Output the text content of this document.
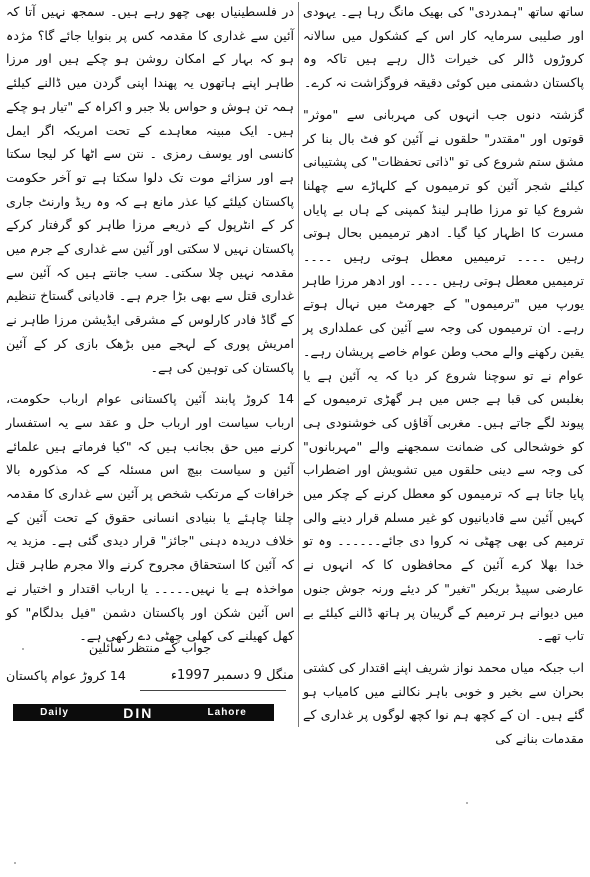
ساتھ ساتھ "ہمدردی" کی بھیک مانگ رہا ہے۔ یہودی اور صلیبی سرمایہ کار اس کے کشکول میں سالانہ کروڑوں ڈالر کی خیرات ڈال رہے ہیں تاکہ وہ پاکستان دشمنی میں کوئی دقیقہ فروگزاشت نہ کرے۔

گزشتہ دنوں جب انہوں کی مہربانی سے "موثر" قوتوں اور "مقتدر" حلقوں نے آئین کو فٹ بال بنا کر مشق ستم شروع کی تو "ذاتی تحفظات" کی پشتیبانی کیلئے شجر آئین کو ترمیموں کے کلہاڑے سے چھلنا شروع کیا تو مرزا طاہر لینڈ کمپنی کے ہاں بے پایاں مسرت کا اظہار کیا گیا۔ ادھر ترمیمیں بحال ہوتی رہیں ۔۔۔۔ ترمیمیں معطل ہوتی رہیں ۔۔۔۔ ترمیمیں معطل ہوتی رہیں ۔۔۔۔ اور ادھر مرزا طاہر یورپ میں "ترمیموں" کے جھرمٹ میں نہال ہوتے رہے۔ ان ترمیموں کی وجہ سے آئین کی عملداری پر یقین رکھنے والے محب وطن عوام خاصے پریشان رہے۔ عوام نے تو سوچنا شروع کر دیا کہ یہ آئین ہے یا بغلبس کی قبا ہے جس میں ہر گھڑی ترمیموں کے پیوند لگے جاتے ہیں۔ مغربی آقاؤں کی خوشنودی ہی کو خوشحالی کی ضمانت سمجھنے والے "مہربانوں" کی وجہ سے دینی حلقوں میں تشویش اور اضطراب پایا جاتا ہے کہ ترمیموں کو معطل کرنے کے چکر میں کہیں آئین سے قادیانیوں کو غیر مسلم قرار دینے والی ترمیم کی بھی چھٹی نہ کروا دی جائے۔۔۔۔۔۔ وہ تو خدا بھلا کرے آئین کے محافظوں کا کہ انہوں نے عارضی سپیڈ بریکر "تغیر" کر دیئے ورنہ جوش جنوں میں دیوانے ہر ترمیم کے گریبان پر ہاتھ ڈالنے کیلئے بے تاب تھے۔

اب جبکہ میاں محمد نواز شریف اپنے اقتدار کی کشتی بحران سے بخیر و خوبی باہر نکالنے میں کامیاب ہو گئے ہیں۔ ان کے کچھ ہم نوا کچھ لوگوں پر غداری کے مقدمات بنانے کی

در فلسطینیاں بھی چھو رہے ہیں۔ سمجھ نہیں آتا کہ آئین سے غداری کا مقدمہ کس پر بنوایا جائے گا؟ مژدہ ہو کہ بہار کے امکان روشن ہو چکے ہیں اور مرزا طاہر اپنے ہاتھوں یہ پھندا اپنی گردن میں ڈالنے کیلئے ہمہ تن ہوش و حواس بلا جبر و اکراہ کے "تیار ہو چکے ہیں۔ ایک مبینہ معاہدے کے تحت امریکہ اگر ایمل کانسی اور یوسف رمزی ۔ نتن سے اٹھا کر لیجا سکتا ہے اور سزائے موت تک دلوا سکتا ہے تو آخر حکومت پاکستان کیلئے کیا عذر مانع ہے کہ وہ ریڈ وارنٹ جاری کر کے انٹرپول کے ذریعے مرزا طاہر کو گرفتار کرکے پاکستان نہیں لا سکتی اور آئین سے غداری کے جرم میں مقدمہ نہیں چلا سکتی۔ سب جانتے ہیں کہ آئین سے غداری قتل سے بھی بڑا جرم ہے۔ قادیانی گستاخ تنظیم کے گاڈ فادر کارلوس کے مشرقی ایڈیشن مرزا طاہر نے امریش پوری کے لہجے میں بڑھک بازی کر کے آئین پاکستان کی توہین کی ہے۔

14 کروڑ پابند آئین پاکستانی عوام ارباب حکومت، ارباب سیاست اور ارباب حل و عقد سے یہ استفسار کرنے میں حق بجانب ہیں کہ "کیا فرماتے ہیں علمائے آئین و سیاست بیچ اس مسئلہ کے کہ مذکورہ بالا خرافات کے مرتکب شخص پر آئین سے غداری کا مقدمہ چلنا چاہئے یا بنیادی انسانی حقوق کے تحت آئین کے خلاف دریدہ دہنی "جائز" قرار دیدی گئی ہے۔ مزید یہ کہ آئین کا استحقاق مجروح کرنے والا مجرم طاہر قتل مواخذہ ہے یا نہیں۔۔۔۔۔ یا ارباب اقتدار و اختیار نے اس آئین شکن اور پاکستان دشمن "فیل بدلگام" کو کھل کھیلنے کی کھلی چھٹی دے رکھی ہے۔

جواب کے منتظر سائلین
منگل 9 دسمبر 1997ء
14 کروڑ عوام پاکستان
Daily	DIN	Lahore
